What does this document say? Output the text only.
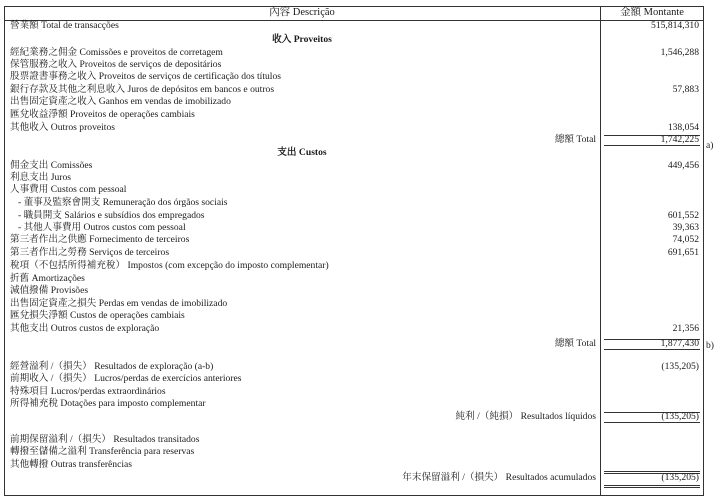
內容 Descrição	金額 Montante
營業額 Total de transacções	515,814,310
收入 Proveitos
經紀業務之佣金 Comissões e proveitos de corretagem	1,546,288
保管服務之收入 Proveitos de serviços de depositários
股票證書事務之收入 Proveitos de serviços de certificação dos títulos
銀行存款及其他之利息收入 Juros de depósitos em bancos e outros	57,883
出售固定資產之收入 Ganhos em vendas de imobilizado
匯兌收益淨額 Proveitos de operações cambiais
其他收入 Outros proveitos	138,054
總額 Total	1,742,225
a)
支出 Custos
佣金支出 Comissões	449,456
利息支出 Juros
人事費用 Custos com pessoal
- 董事及監察會開支 Remuneração dos órgãos sociais
- 職員開支 Salários e subsídios dos empregados	601,552
- 其他人事費用 Outros custos com pessoal	39,363
第三者作出之供應 Fornecimento de terceiros	74,052
第三者作出之勞務 Serviços de terceiros	691,651
稅項（不包括所得補充稅） Impostos (com excepção do imposto complementar)
折舊 Amortizações
減值撥備 Provisões
出售固定資產之損失 Perdas em vendas de imobilizado
匯兌損失淨額 Custos de operações cambiais
其他支出 Outros custos de exploração	21,356
總額 Total	1,877,430 b)
經營溢利 /（損失） Resultados de exploração (a-b)	(135,205)
前期收入 /（損失） Lucros/perdas de exercícios anteriores
特殊項目 Lucros/perdas extraordinários
所得補充稅 Dotações para imposto complementar
純利 /（純損） Resultados líquidos	(135,205)
前期保留溢利 /（損失） Resultados transitados
轉撥至儲備之溢利 Transferência para reservas
其他轉撥 Outras transferências
年末保留溢利 /（損失） Resultados acumulados	(135,205)
